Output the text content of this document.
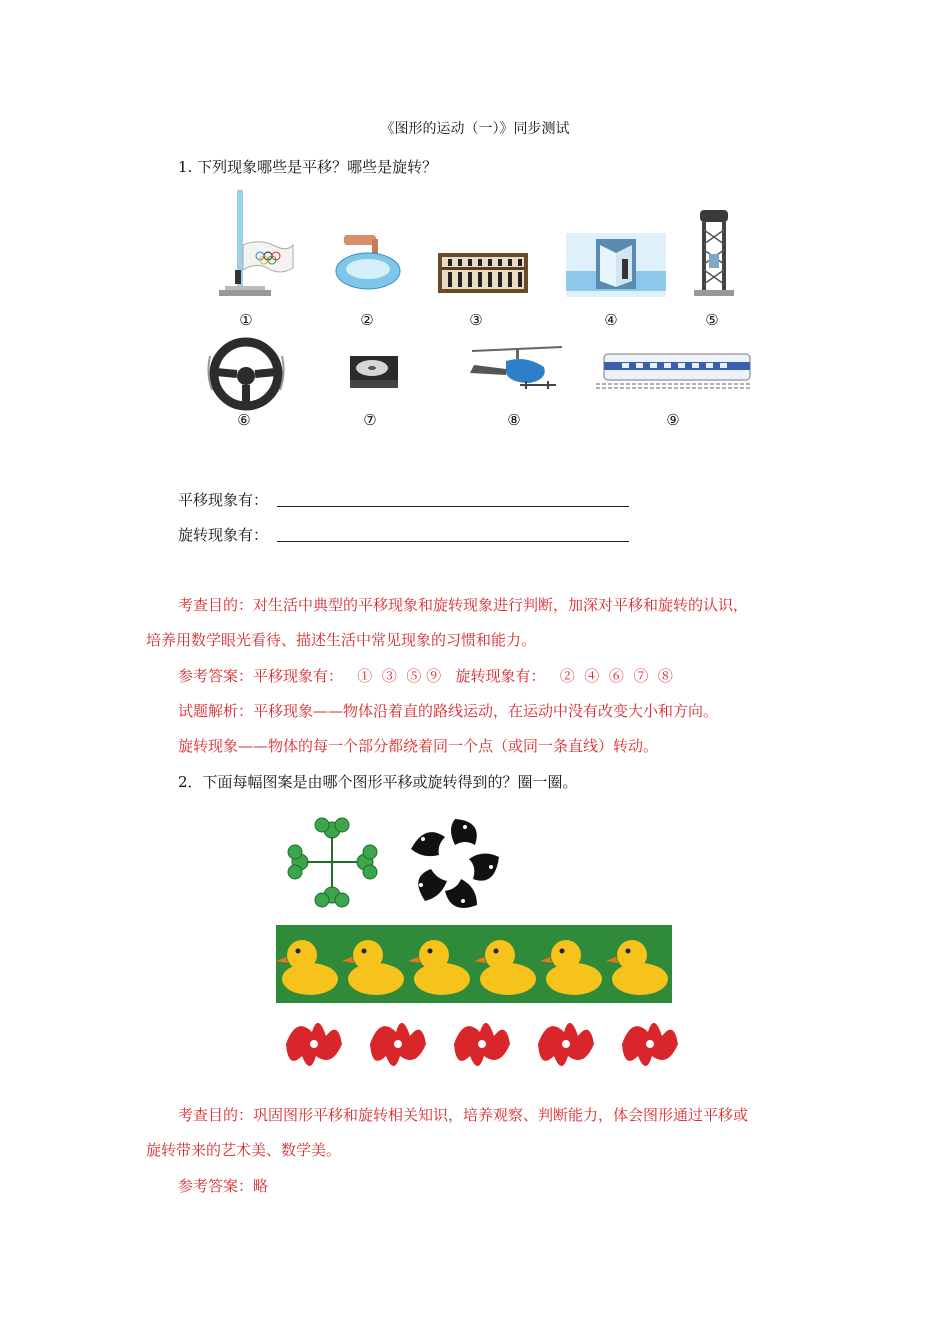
《图形的运动（一）》同步测试
1. 下列现象哪些是平移？哪些是旋转？
①	②	③	④	⑤
⑥	⑦	⑧	⑨
平移现象有：
旋转现象有：
考查目的：对生活中典型的平移现象和旋转现象进行判断，加深对平移和旋转的认识，
培养用数学眼光看待、描述生活中常见现象的习惯和能力。
参考答案：平移现象有：   ①  ③  ⑤ ⑨   旋转现象有：   ②  ④  ⑥  ⑦  ⑧
试题解析：平移现象——物体沿着直的路线运动，在运动中没有改变大小和方向。
旋转现象——物体的每一个部分都绕着同一个点（或同一条直线）转动。
2．下面每幅图案是由哪个图形平移或旋转得到的？圈一圈。
考查目的：巩固图形平移和旋转相关知识，培养观察、判断能力，体会图形通过平移或
旋转带来的艺术美、数学美。
参考答案：略
